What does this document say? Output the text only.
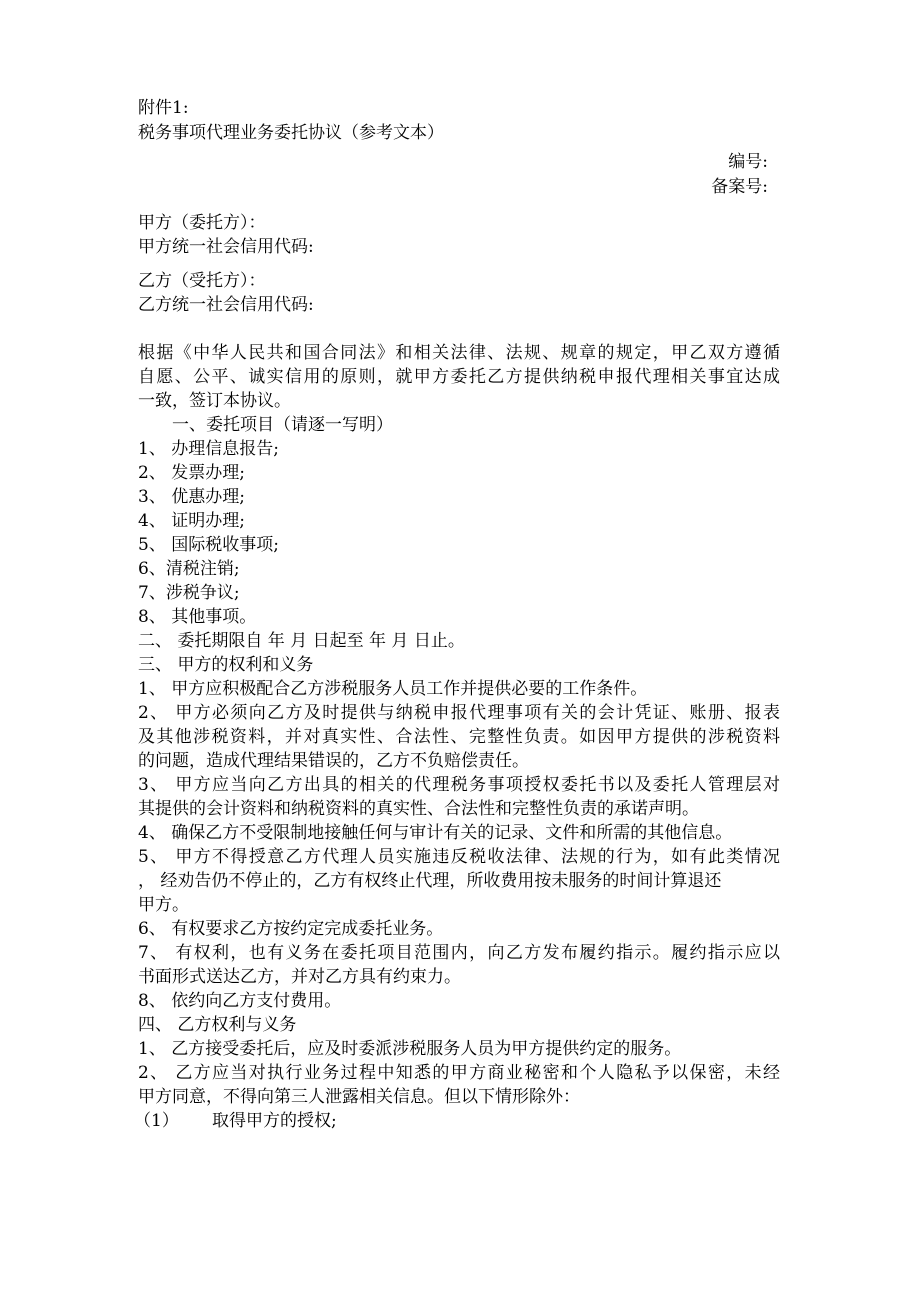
附件1:
税务事项代理业务委托协议（参考文本）
编号:
备案号:
甲方（委托方）：
甲方统一社会信用代码:
乙方（受托方）：
乙方统一社会信用代码:
根据《中华人民共和国合同法》和相关法律、法规、规章的规定，甲乙双方遵循
自愿、公平、诚实信用的原则，就甲方委托乙方提供纳税申报代理相关事宜达成
一致，签订本协议。
一、委托项目（请逐一写明）
1、 办理信息报告;
2、 发票办理;
3、 优惠办理;
4、 证明办理;
5、 国际税收事项;
6、清税注销;
7、涉税争议;
8、 其他事项。
二、 委托期限自 年 月 日起至 年 月 日止。
三、 甲方的权利和义务
1、 甲方应积极配合乙方涉税服务人员工作并提供必要的工作条件。
2、 甲方必须向乙方及时提供与纳税申报代理事项有关的会计凭证、账册、报表
及其他涉税资料，并对真实性、合法性、完整性负责。如因甲方提供的涉税资料
的问题，造成代理结果错误的，乙方不负赔偿责任。
3、 甲方应当向乙方出具的相关的代理税务事项授权委托书以及委托人管理层对
其提供的会计资料和纳税资料的真实性、合法性和完整性负责的承诺声明。
4、 确保乙方不受限制地接触任何与审计有关的记录、文件和所需的其他信息。
5、 甲方不得授意乙方代理人员实施违反税收法律、法规的行为，如有此类情况
， 经劝告仍不停止的，乙方有权终止代理，所收费用按未服务的时间计算退还
甲方。
6、 有权要求乙方按约定完成委托业务。
7、 有权利，也有义务在委托项目范围内，向乙方发布履约指示。履约指示应以
书面形式送达乙方，并对乙方具有约束力。
8、 依约向乙方支付费用。
四、 乙方权利与义务
1、 乙方接受委托后，应及时委派涉税服务人员为甲方提供约定的服务。
2、 乙方应当对执行业务过程中知悉的甲方商业秘密和个人隐私予以保密，未经
甲方同意，不得向第三人泄露相关信息。但以下情形除外：
（1） 取得甲方的授权;
